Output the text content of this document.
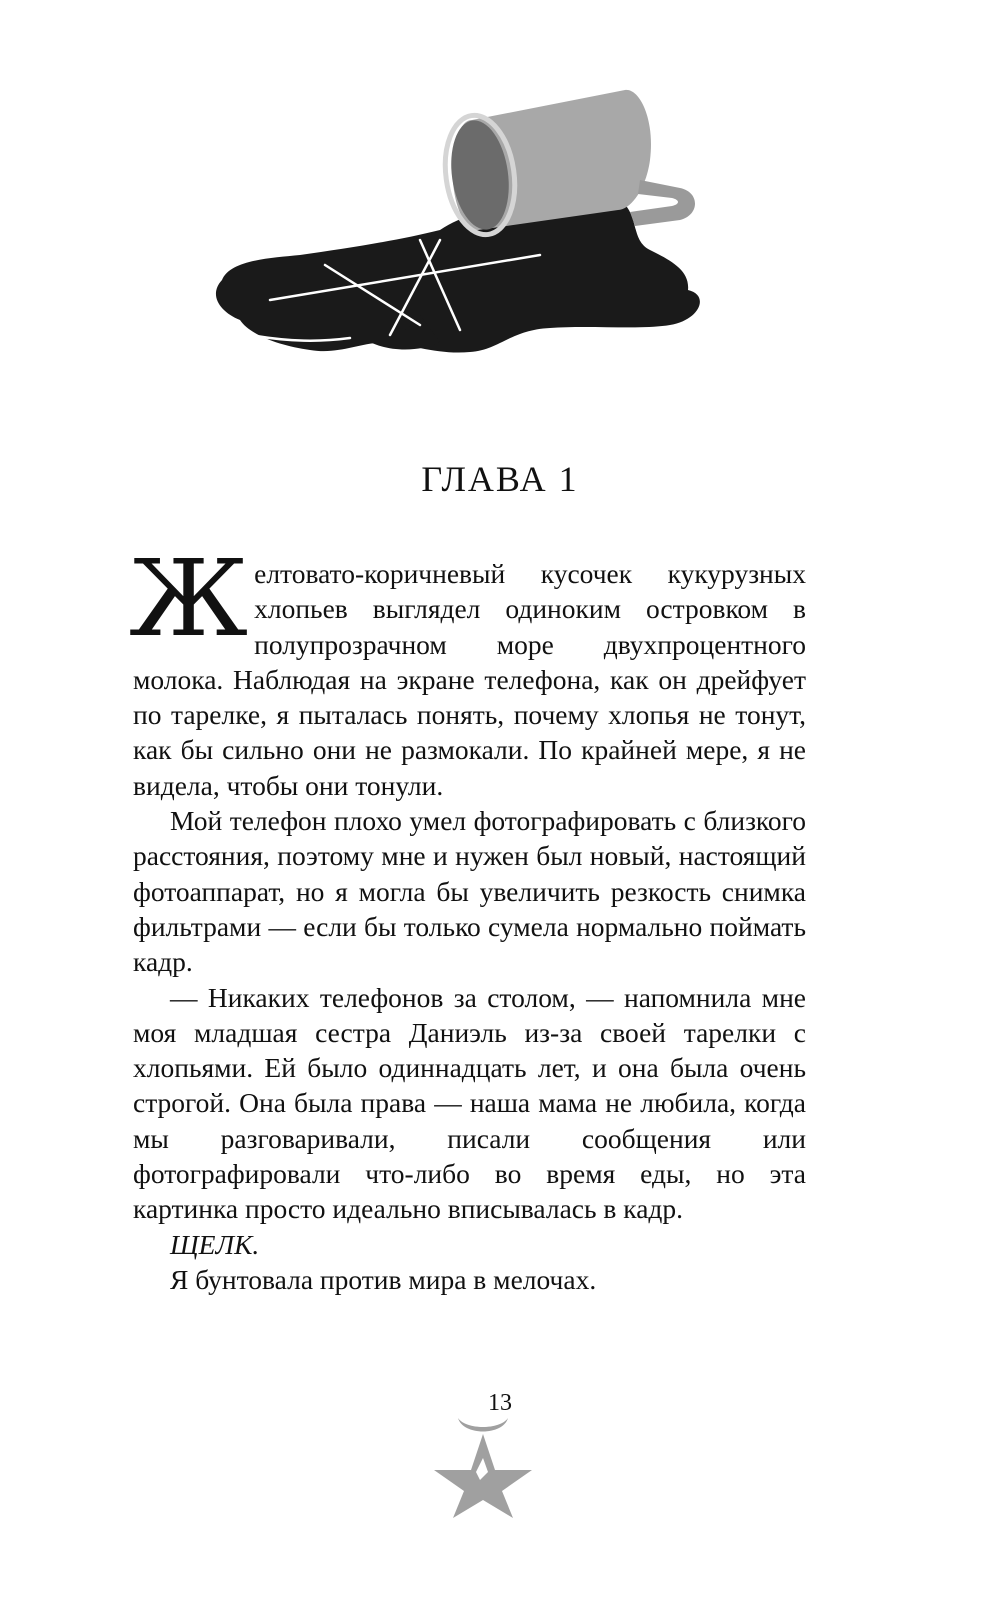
ГЛАВА 1

Желтовато-коричневый кусочек кукурузных хлопьев выглядел одиноким островком в полупрозрачном море двухпроцентного молока. Наблюдая на экране телефона, как он дрейфует по тарелке, я пыталась понять, почему хлопья не тонут, как бы сильно они не размокали. По крайней мере, я не видела, чтобы они тонули.

Мой телефон плохо умел фотографировать с близкого расстояния, поэтому мне и нужен был новый, настоящий фотоаппарат, но я могла бы увеличить резкость снимка фильтрами — если бы только сумела нормально поймать кадр.

— Никаких телефонов за столом, — напомнила мне моя младшая сестра Даниэль из-за своей тарелки с хлопьями. Ей было одиннадцать лет, и она была очень строгой. Она была права — наша мама не любила, когда мы разговаривали, писали сообщения или фотографировали что-либо во время еды, но эта картинка просто идеально вписывалась в кадр.

ЩЕЛК.

Я бунтовала против мира в мелочах.

13
